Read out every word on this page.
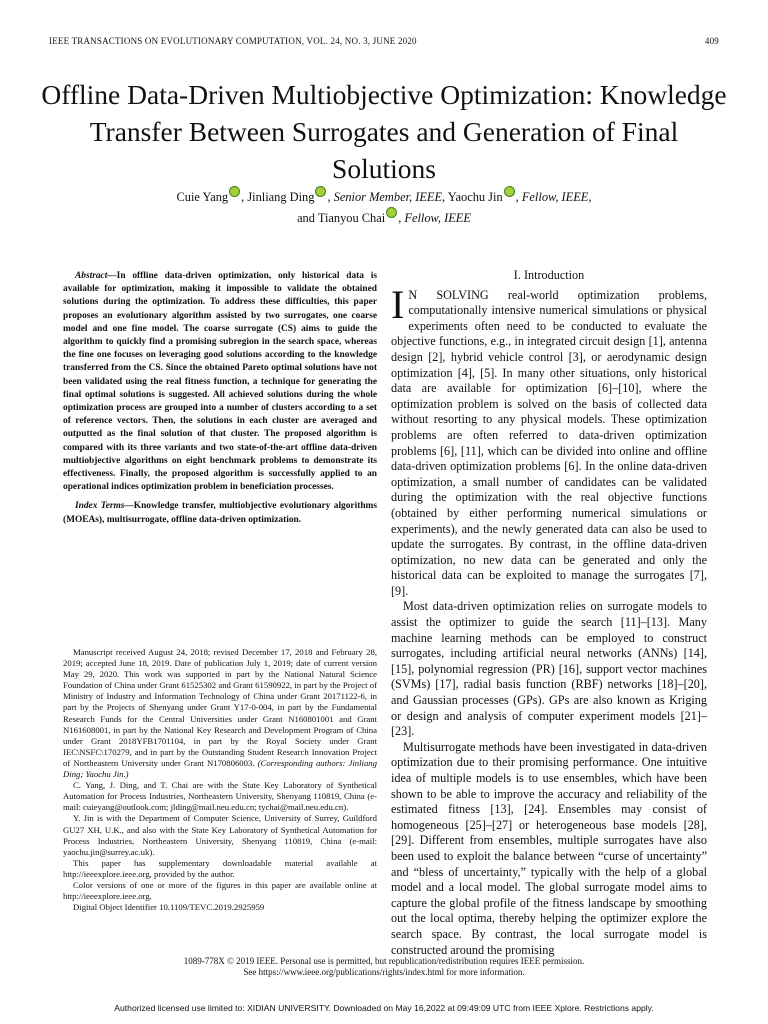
IEEE TRANSACTIONS ON EVOLUTIONARY COMPUTATION, VOL. 24, NO. 3, JUNE 2020	409
Offline Data-Driven Multiobjective Optimization: Knowledge Transfer Between Surrogates and Generation of Final Solutions
Cuie Yang , Jinliang Ding , Senior Member, IEEE, Yaochu Jin , Fellow, IEEE,
and Tianyou Chai , Fellow, IEEE

Abstract—In offline data-driven optimization, only historical data is available for optimization, making it impossible to validate the obtained solutions during the optimization. To address these difficulties, this paper proposes an evolutionary algorithm assisted by two surrogates, one coarse model and one fine model. The coarse surrogate (CS) aims to guide the algorithm to quickly find a promising subregion in the search space, whereas the fine one focuses on leveraging good solutions according to the knowledge transferred from the CS. Since the obtained Pareto optimal solutions have not been validated using the real fitness function, a technique for generating the final optimal solutions is suggested. All achieved solutions during the whole optimization process are grouped into a number of clusters according to a set of reference vectors. Then, the solutions in each cluster are averaged and outputted as the final solution of that cluster. The proposed algorithm is compared with its three variants and two state-of-the-art offline data-driven multiobjective algorithms on eight benchmark problems to demonstrate its effectiveness. Finally, the proposed algorithm is successfully applied to an operational indices optimization problem in beneficiation processes.

Index Terms—Knowledge transfer, multiobjective evolutionary algorithms (MOEAs), multisurrogate, offline data-driven optimization.

Manuscript received August 24, 2018; revised December 17, 2018 and February 28, 2019; accepted June 18, 2019. Date of publication July 1, 2019; date of current version May 29, 2020. This work was supported in part by the National Natural Science Foundation of China under Grant 61525302 and Grant 61590922, in part by the Project of Ministry of Industry and Information Technology of China under Grant 20171122-6, in part by the Projects of Shenyang under Grant Y17-0-004, in part by the Fundamental Research Funds for the Central Universities under Grant N160801001 and Grant N161608001, in part by the National Key Research and Development Program of China under Grant 2018YFB1701104, in part by the Royal Society under Grant IEC\NSFC\170279, and in part by the Outstanding Student Research Innovation Project of Northeastern University under Grant N170806003. (Corresponding authors: Jinliang Ding; Yaochu Jin.)

C. Yang, J. Ding, and T. Chai are with the State Key Laboratory of Synthetical Automation for Process Industries, Northeastern University, Shenyang 110819, China (e-mail: cuieyang@outlook.com; jlding@mail.neu.edu.cn; tychai@mail.neu.edu.cn).

Y. Jin is with the Department of Computer Science, University of Surrey, Guildford GU27 XH, U.K., and also with the State Key Laboratory of Synthetical Automation for Process Industries, Northeastern University, Shenyang 110819, China (e-mail: yaochu.jin@surrey.ac.uk).

This paper has supplementary downloadable material available at http://ieeexplore.ieee.org, provided by the author.

Color versions of one or more of the figures in this paper are available online at http://ieeexplore.ieee.org.

Digital Object Identifier 10.1109/TEVC.2019.2925959

I. Introduction

I N SOLVING real-world optimization problems, computationally intensive numerical simulations or physical experiments often need to be conducted to evaluate the objective functions, e.g., in integrated circuit design [1], antenna design [2], hybrid vehicle control [3], or aerodynamic design optimization [4], [5]. In many other situations, only historical data are available for optimization [6]–[10], where the optimization problem is solved on the basis of collected data without resorting to any physical models. These optimization problems are often referred to data-driven optimization problems [6], [11], which can be divided into online and offline data-driven optimization problems [6]. In the online data-driven optimization, a small number of candidates can be validated during the optimization with the real objective functions (obtained by either performing numerical simulations or experiments), and the newly generated data can also be used to update the surrogates. By contrast, in the offline data-driven optimization, no new data can be generated and only the historical data can be exploited to manage the surrogates [7], [9].

Most data-driven optimization relies on surrogate models to assist the optimizer to guide the search [11]–[13]. Many machine learning methods can be employed to construct surrogates, including artificial neural networks (ANNs) [14], [15], polynomial regression (PR) [16], support vector machines (SVMs) [17], radial basis function (RBF) networks [18]–[20], and Gaussian processes (GPs). GPs are also known as Kriging or design and analysis of computer experiment models [21]–[23].

Multisurrogate methods have been investigated in data-driven optimization due to their promising performance. One intuitive idea of multiple models is to use ensembles, which have been shown to be able to improve the accuracy and reliability of the estimated fitness [13], [24]. Ensembles may consist of homogeneous [25]–[27] or heterogeneous base models [28], [29]. Different from ensembles, multiple surrogates have also been used to exploit the balance between “curse of uncertainty” and “bless of uncertainty,” typically with the help of a global model and a local model. The global surrogate model aims to capture the global profile of the fitness landscape by smoothing out the local optima, thereby helping the optimizer explore the search space. By contrast, the local surrogate model is constructed around the promising

1089-778X © 2019 IEEE. Personal use is permitted, but republication/redistribution requires IEEE permission.
See https://www.ieee.org/publications/rights/index.html for more information.
Authorized licensed use limited to: XIDIAN UNIVERSITY. Downloaded on May 16,2022 at 09:49:09 UTC from IEEE Xplore. Restrictions apply.
